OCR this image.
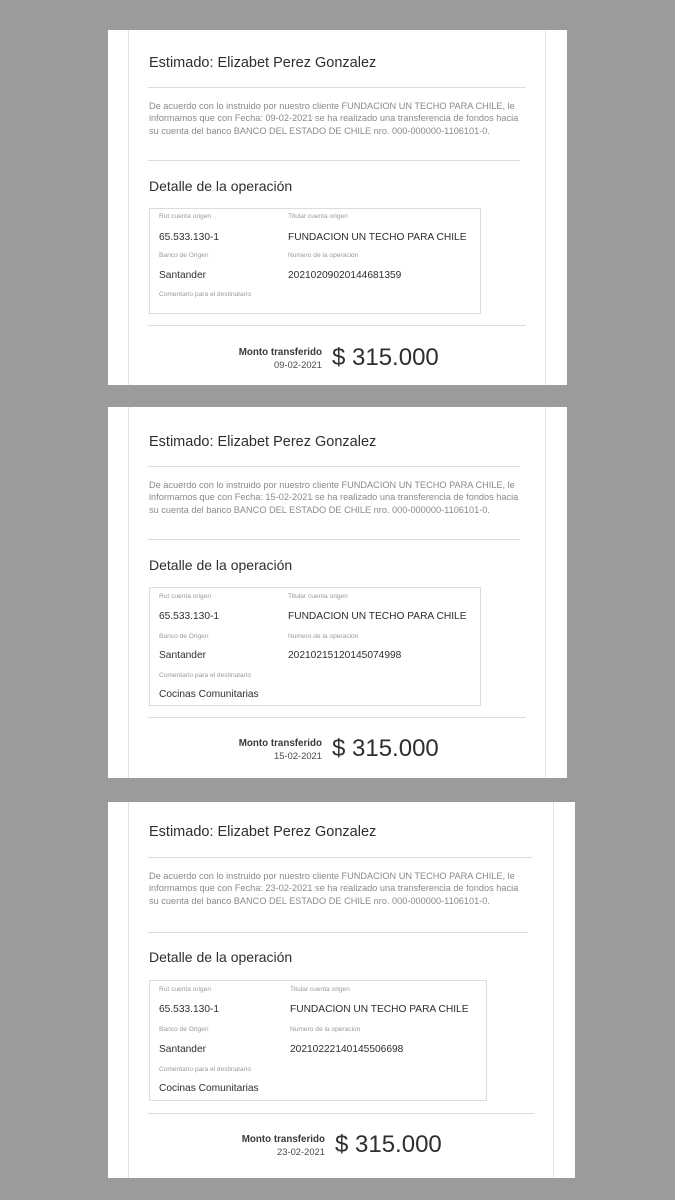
Estimado: Elizabet Perez Gonzalez
De acuerdo con lo instruido por nuestro cliente FUNDACION UN TECHO PARA CHILE, le informamos que con Fecha: 09-02-2021 se ha realizado una transferencia de fondos hacia su cuenta del banco BANCO DEL ESTADO DE CHILE nro. 000-000000-1106101-0.
Detalle de la operación
Rut cuenta origen
65.533.130-1
Titular cuenta origen
FUNDACION UN TECHO PARA CHILE
Banco de Origen
Santander
Numero de la operacion
20210209020144681359
Comentario para el destinatario
Monto transferido
09-02-2021 $ 315.000
Estimado: Elizabet Perez Gonzalez
De acuerdo con lo instruido por nuestro cliente FUNDACION UN TECHO PARA CHILE, le informamos que con Fecha: 15-02-2021 se ha realizado una transferencia de fondos hacia su cuenta del banco BANCO DEL ESTADO DE CHILE nro. 000-000000-1106101-0.
Detalle de la operación
Rut cuenta origen
65.533.130-1
Titular cuenta origen
FUNDACION UN TECHO PARA CHILE
Banco de Origen
Santander
Numero de la operacion
20210215120145074998
Comentario para el destinatario
Cocinas Comunitarias
Monto transferido
15-02-2021 $ 315.000
Estimado: Elizabet Perez Gonzalez
De acuerdo con lo instruido por nuestro cliente FUNDACION UN TECHO PARA CHILE, le informamos que con Fecha: 23-02-2021 se ha realizado una transferencia de fondos hacia su cuenta del banco BANCO DEL ESTADO DE CHILE nro. 000-000000-1106101-0.
Detalle de la operación
Rut cuenta origen
65.533.130-1
Titular cuenta origen
FUNDACION UN TECHO PARA CHILE
Banco de Origen
Santander
Numero de la operacion
20210222140145506698
Comentario para el destinatario
Cocinas Comunitarias
Monto transferido
23-02-2021 $ 315.000
